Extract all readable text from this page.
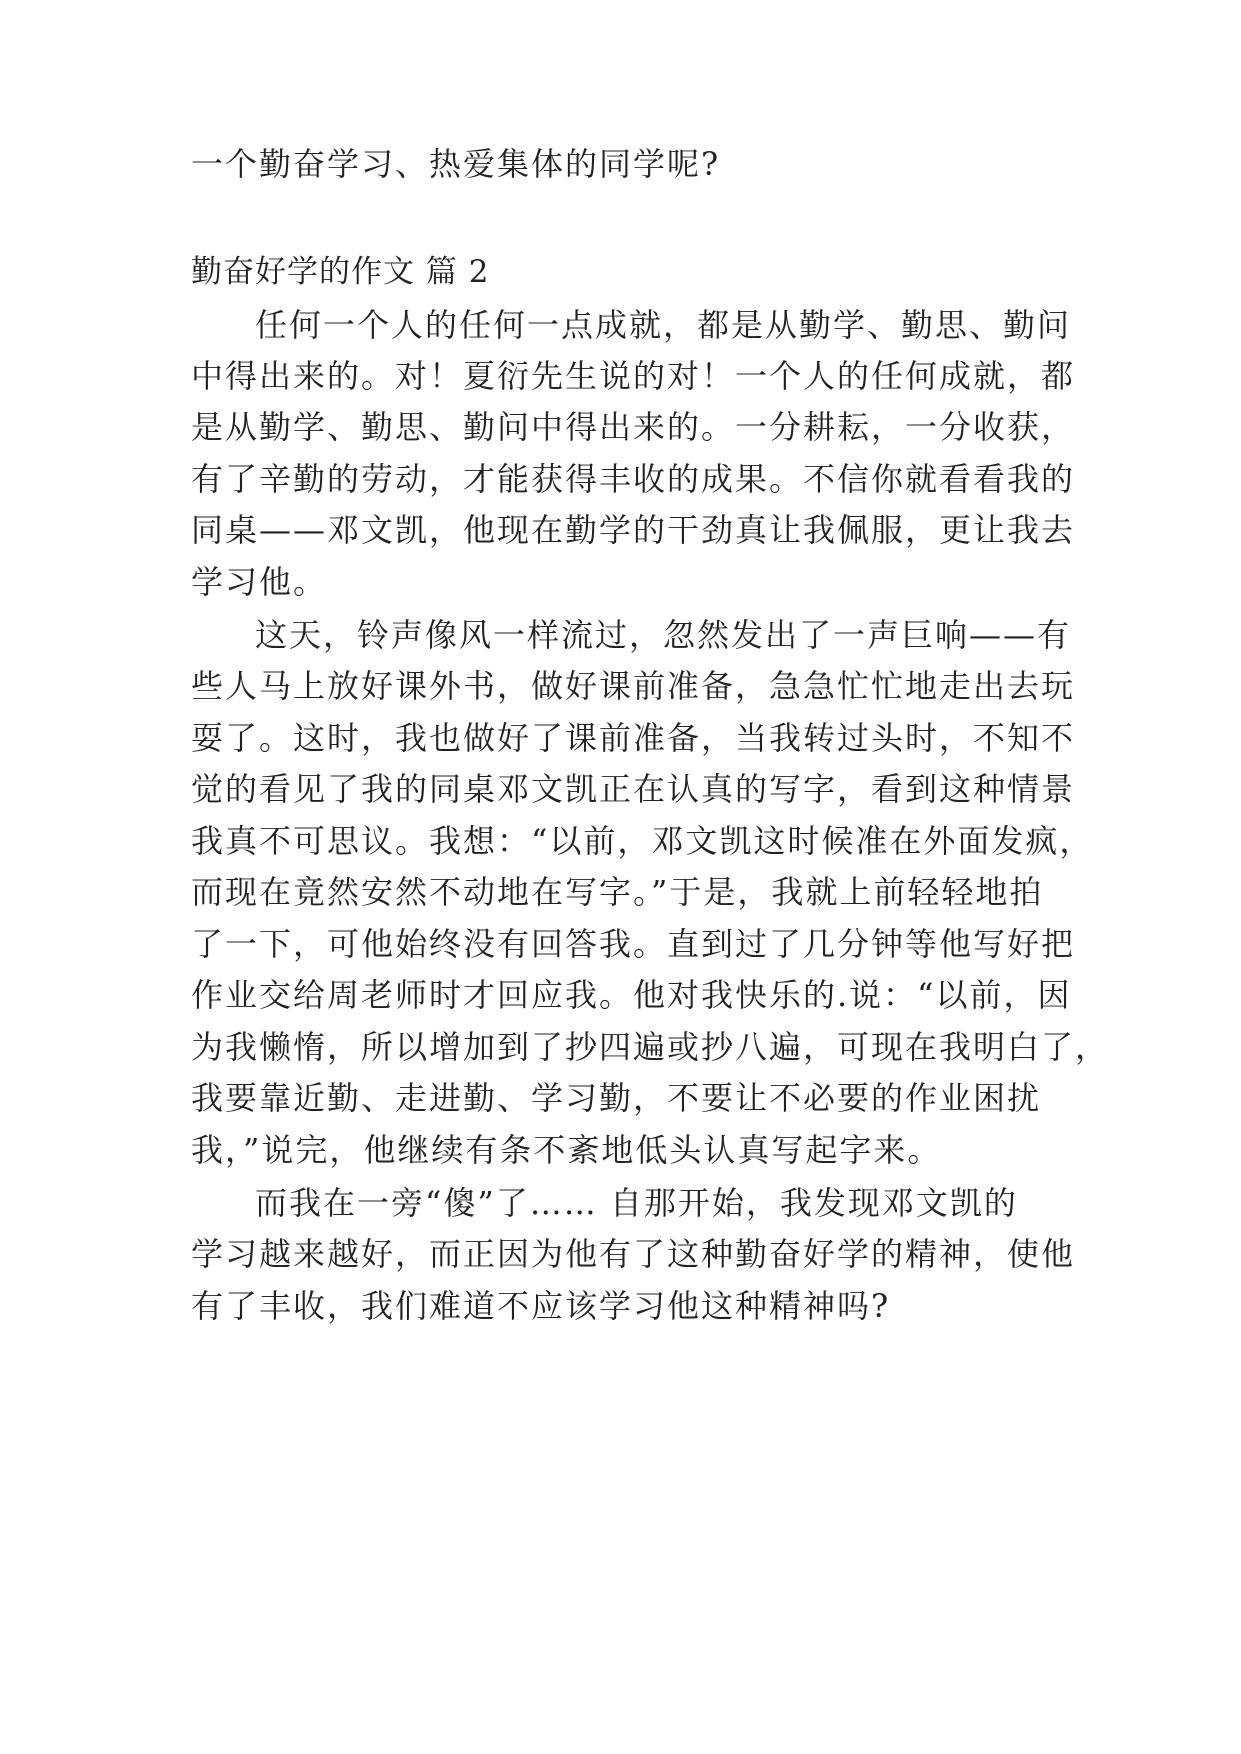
一个勤奋学习、热爱集体的同学呢?
勤奋好学的作文 篇 2
任何一个人的任何一点成就，都是从勤学、勤思、勤问
中得出来的。对！夏衍先生说的对！一个人的任何成就，都
是从勤学、勤思、勤问中得出来的。一分耕耘，一分收获，
有了辛勤的劳动，才能获得丰收的成果。不信你就看看我的
同桌——邓文凯，他现在勤学的干劲真让我佩服，更让我去
学习他。
这天，铃声像风一样流过，忽然发出了一声巨响——有
些人马上放好课外书，做好课前准备，急急忙忙地走出去玩
耍了。这时，我也做好了课前准备，当我转过头时，不知不
觉的看见了我的同桌邓文凯正在认真的写字，看到这种情景
我真不可思议。我想：“以前，邓文凯这时候准在外面发疯，
而现在竟然安然不动地在写字。”于是，我就上前轻轻地拍
了一下，可他始终没有回答我。直到过了几分钟等他写好把
作业交给周老师时才回应我。他对我快乐的.说：“以前，因
为我懒惰，所以增加到了抄四遍或抄八遍，可现在我明白了，
我要靠近勤、走进勤、学习勤，不要让不必要的作业困扰
我，”说完，他继续有条不紊地低头认真写起字来。
而我在一旁“傻”了…… 自那开始，我发现邓文凯的
学习越来越好，而正因为他有了这种勤奋好学的精神，使他
有了丰收，我们难道不应该学习他这种精神吗?
